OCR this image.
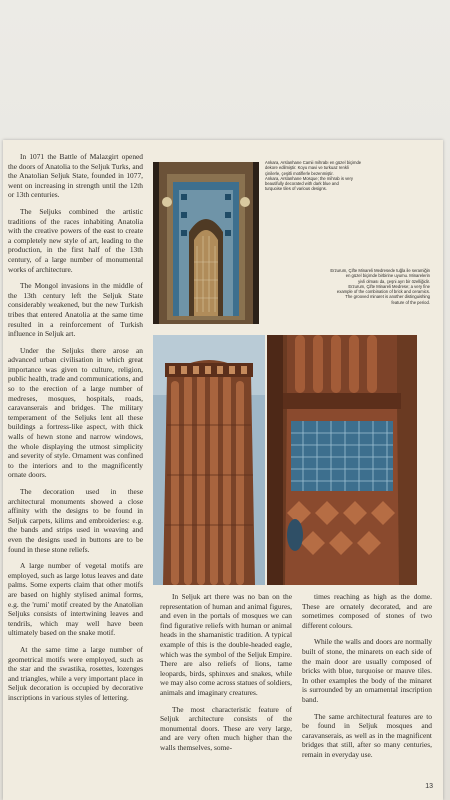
In 1071 the Battle of Malazgirt opened the doors of Anatolia to the Seljuk Turks, and the Anatolian Seljuk State, founded in 1077, went on increasing in strength until the 12th or 13th centuries.

The Seljuks combined the artistic traditions of the races inhabiting Anatolia with the creative powers of the east to create a completely new style of art, leading to the production, in the first half of the 13th century, of a large number of monumental works of architecture.

The Mongol invasions in the middle of the 13th century left the Seljuk State considerably weakened, but the new Turkish tribes that entered Anatolia at the same time resulted in a reinforcement of Turkish influence in Seljuk art.

Under the Seljuks there arose an advanced urban civilisation in which great importance was given to culture, religion, public health, trade and communications, and so to the erection of a large number of medreses, mosques, hospitals, roads, caravanserais and bridges. The military temperament of the Seljuks lent all these buildings a fortress-like aspect, with thick walls of hewn stone and narrow windows, the whole displaying the utmost simplicity and severity of style. Ornament was confined to the interiors and to the magnificently ornate doors.

The decoration used in these architectural monuments showed a close affinity with the designs to be found in Seljuk carpets, kilims and embroideries: e.g. the bands and strips used in weaving and even the designs used in buttons are to be found in these stone reliefs.

A large number of vegetal motifs are employed, such as large lotus leaves and date palms. Some experts claim that other motifs are based on highly stylised animal forms, e.g. the 'rumi' motif created by the Anatolian Seljuks consists of intertwining leaves and tendrils, which may well have been ultimately based on the snake motif.

At the same time a large number of geometrical motifs were employed, such as the star and the swastika, rosettes, lozenges and triangles, while a very important place in Seljuk decoration is occupied by decorative inscriptions in various styles of lettering.

Ankara, Arslanhane Camii mihrabı en güzel biçimde
dekore edilmiştir. Koyu mavi ve turkuaz renkli
çinilerle, çeşitli motiflerle bezenmiştir.
Ankara, Arslanhane Mosque; the mihrab is very
beautifully decorated with dark blue and
turquoise tiles of various designs.
Erzurum, Çifte Minareli Medresede tuğla ile seramiğin
en güzel biçimde birbirine uyumu. Minarelerin
yivli olması da, çeşni ayrı bir özelliğidir.
Erzurum, Çifte Minareli Medrese; a very fine
example of the combination of brick and ceramics.
The grooved minaret is another distinguishing
feature of the period.

In Seljuk art there was no ban on the representation of human and animal figures, and even in the portals of mosques we can find figurative reliefs with human or animal heads in the shamanistic tradition. A typical example of this is the double-headed eagle, which was the symbol of the Seljuk Empire. There are also reliefs of lions, tame leopards, birds, sphinxes and snakes, while we may also come across statues of soldiers, animals and imaginary creatures.

The most characteristic feature of Seljuk architecture consists of the monumental doors. These are very large, and are very often much higher than the walls themselves, some-

times reaching as high as the dome. These are ornately decorated, and are sometimes composed of stones of two different colours.

While the walls and doors are normally built of stone, the minarets on each side of the main door are usually composed of bricks with blue, turquoise or mauve tiles. In other examples the body of the minaret is surrounded by an ornamental inscription band.

The same architectural features are to be found in Seljuk mosques and caravanserais, as well as in the magnificent bridges that still, after so many centuries, remain in everyday use.

13
